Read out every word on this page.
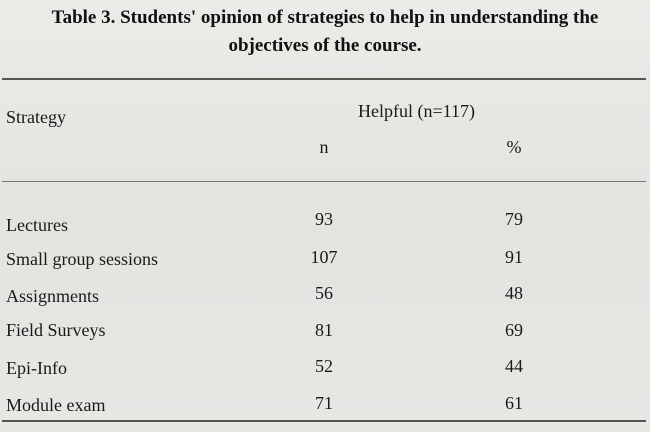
Table 3. Students' opinion of strategies to help in understanding the
objectives of the course.
Strategy	Helpful (n=117)
n	%
Lectures	93	79
Small group sessions	107	91
Assignments	56	48
Field Surveys	81	69
Epi-Info	52	44
Module exam	71	61
